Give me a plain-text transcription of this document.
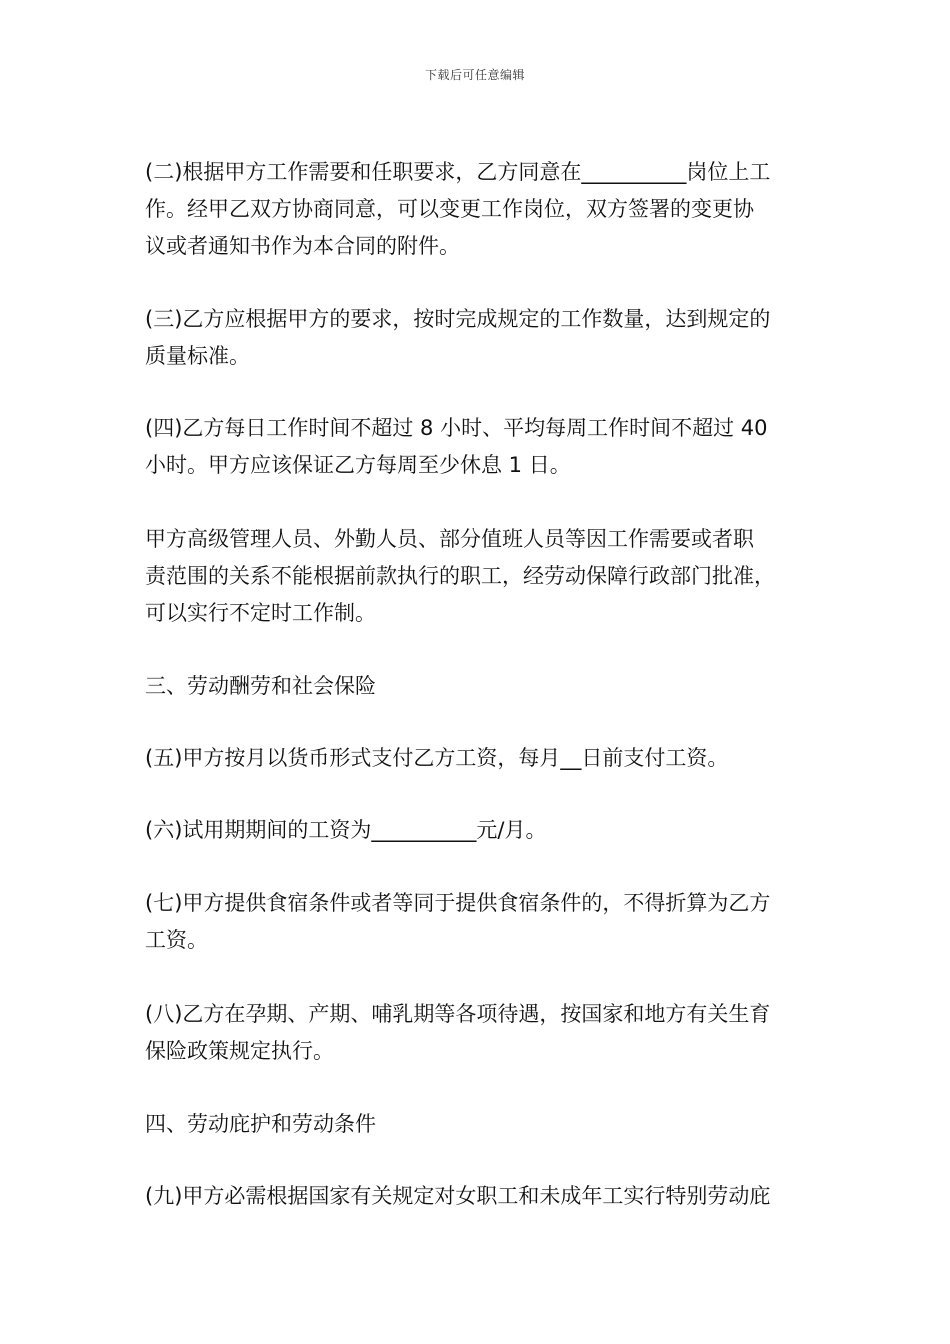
下载后可任意编辑
(二)根据甲方工作需要和任职要求，乙方同意在__________岗位上工
作。经甲乙双方协商同意，可以变更工作岗位，双方签署的变更协
议或者通知书作为本合同的附件。
(三)乙方应根据甲方的要求，按时完成规定的工作数量，达到规定的
质量标准。
(四)乙方每日工作时间不超过 8 小时、平均每周工作时间不超过 40
小时。甲方应该保证乙方每周至少休息 1 日。
甲方高级管理人员、外勤人员、部分值班人员等因工作需要或者职
责范围的关系不能根据前款执行的职工，经劳动保障行政部门批准，
可以实行不定时工作制。
三、劳动酬劳和社会保险
(五)甲方按月以货币形式支付乙方工资，每月__日前支付工资。
(六)试用期期间的工资为__________元/月。
(七)甲方提供食宿条件或者等同于提供食宿条件的，不得折算为乙方
工资。
(八)乙方在孕期、产期、哺乳期等各项待遇，按国家和地方有关生育
保险政策规定执行。
四、劳动庇护和劳动条件
(九)甲方必需根据国家有关规定对女职工和未成年工实行特别劳动庇
